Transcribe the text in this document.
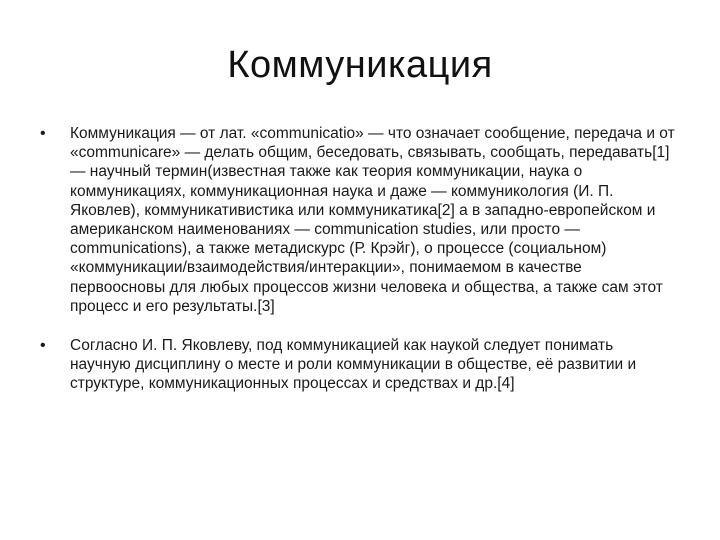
Коммуникация
• Коммуникация — от лат. «communicatio» — что означает сообщение, передача и от «communicare» — делать общим, беседовать, связывать, сообщать, передавать[1] — научный термин(известная также как теория коммуникации, наука о коммуникациях, коммуникационная наука и даже — коммуникология (И. П. Яковлев), коммуникативистика или коммуникатика[2] а в западно-европейском и американском наименованиях — communication studies, или просто — communications), а также метадискурс (Р. Крэйг), о процессе (социальном) «коммуникации/взаимодействия/интеракции», понимаемом в качестве первоосновы для любых процессов жизни человека и общества, а также сам этот процесс и его результаты.[3]
• Согласно И. П. Яковлеву, под коммуникацией как наукой следует понимать научную дисциплину о месте и роли коммуникации в обществе, её развитии и структуре, коммуникационных процессах и средствах и др.[4]
